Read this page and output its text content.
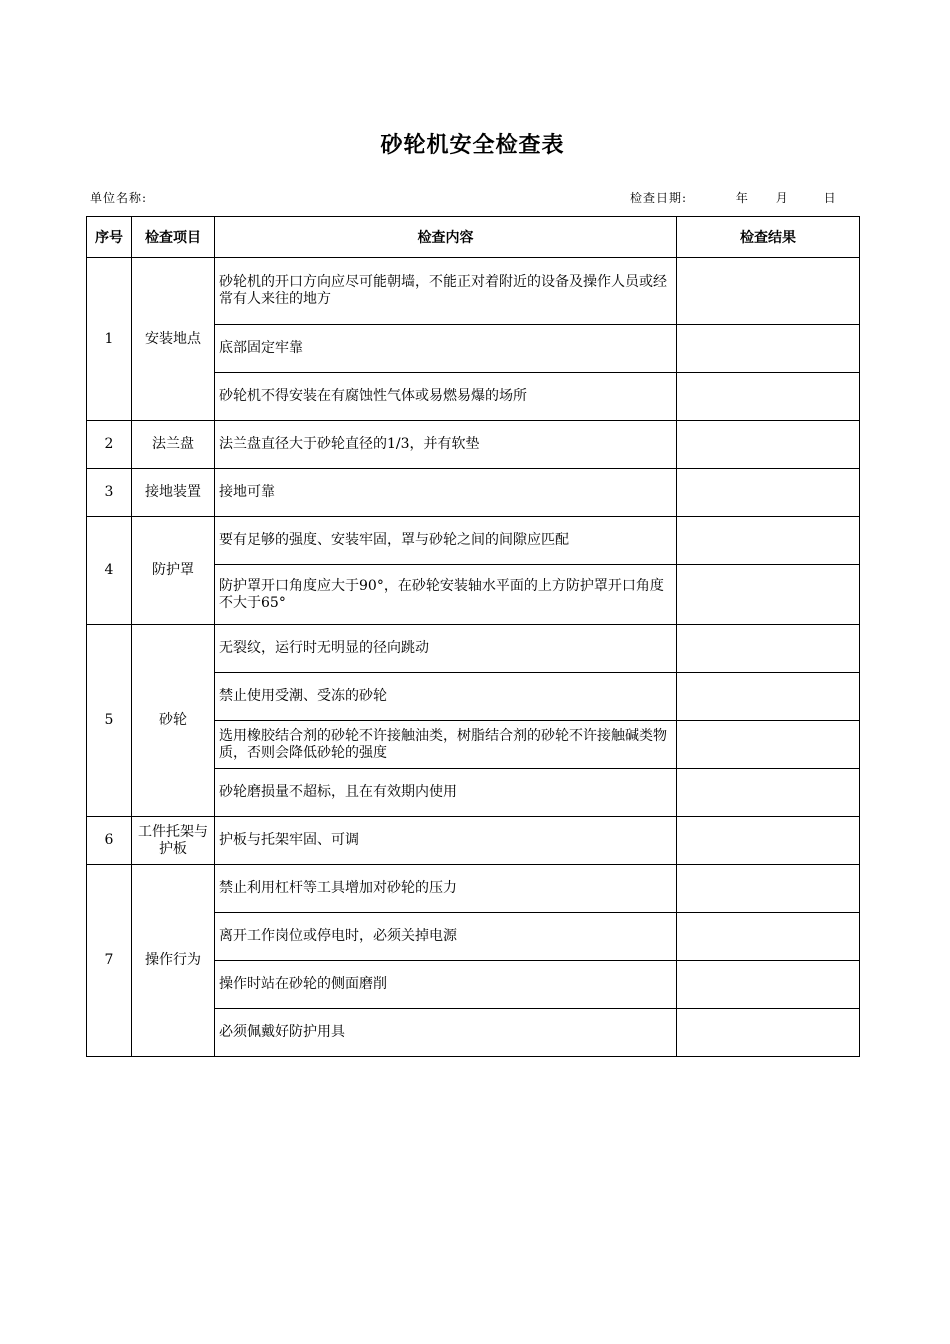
砂轮机安全检查表
单位名称:	检查日期:	年 月	日
序号	检查项目	检查内容	检查结果
1	安装地点	砂轮机的开口方向应尽可能朝墙，不能正对着附近的设备及操作人员或经常有人来往的地方	
		底部固定牢靠	
		砂轮机不得安装在有腐蚀性气体或易燃易爆的场所	
2	法兰盘	法兰盘直径大于砂轮直径的1/3，并有软垫	
3	接地装置	接地可靠	
4	防护罩	要有足够的强度、安装牢固，罩与砂轮之间的间隙应匹配	
		防护罩开口角度应大于90°，在砂轮安装轴水平面的上方防护罩开口角度不大于65°	
5	砂轮	无裂纹，运行时无明显的径向跳动	
		禁止使用受潮、受冻的砂轮	
		选用橡胶结合剂的砂轮不许接触油类，树脂结合剂的砂轮不许接触碱类物质，否则会降低砂轮的强度	
		砂轮磨损量不超标，且在有效期内使用	
6	工件托架与护板	护板与托架牢固、可调	
7	操作行为	禁止利用杠杆等工具增加对砂轮的压力	
		离开工作岗位或停电时，必须关掉电源	
		操作时站在砂轮的侧面磨削	
		必须佩戴好防护用具	
